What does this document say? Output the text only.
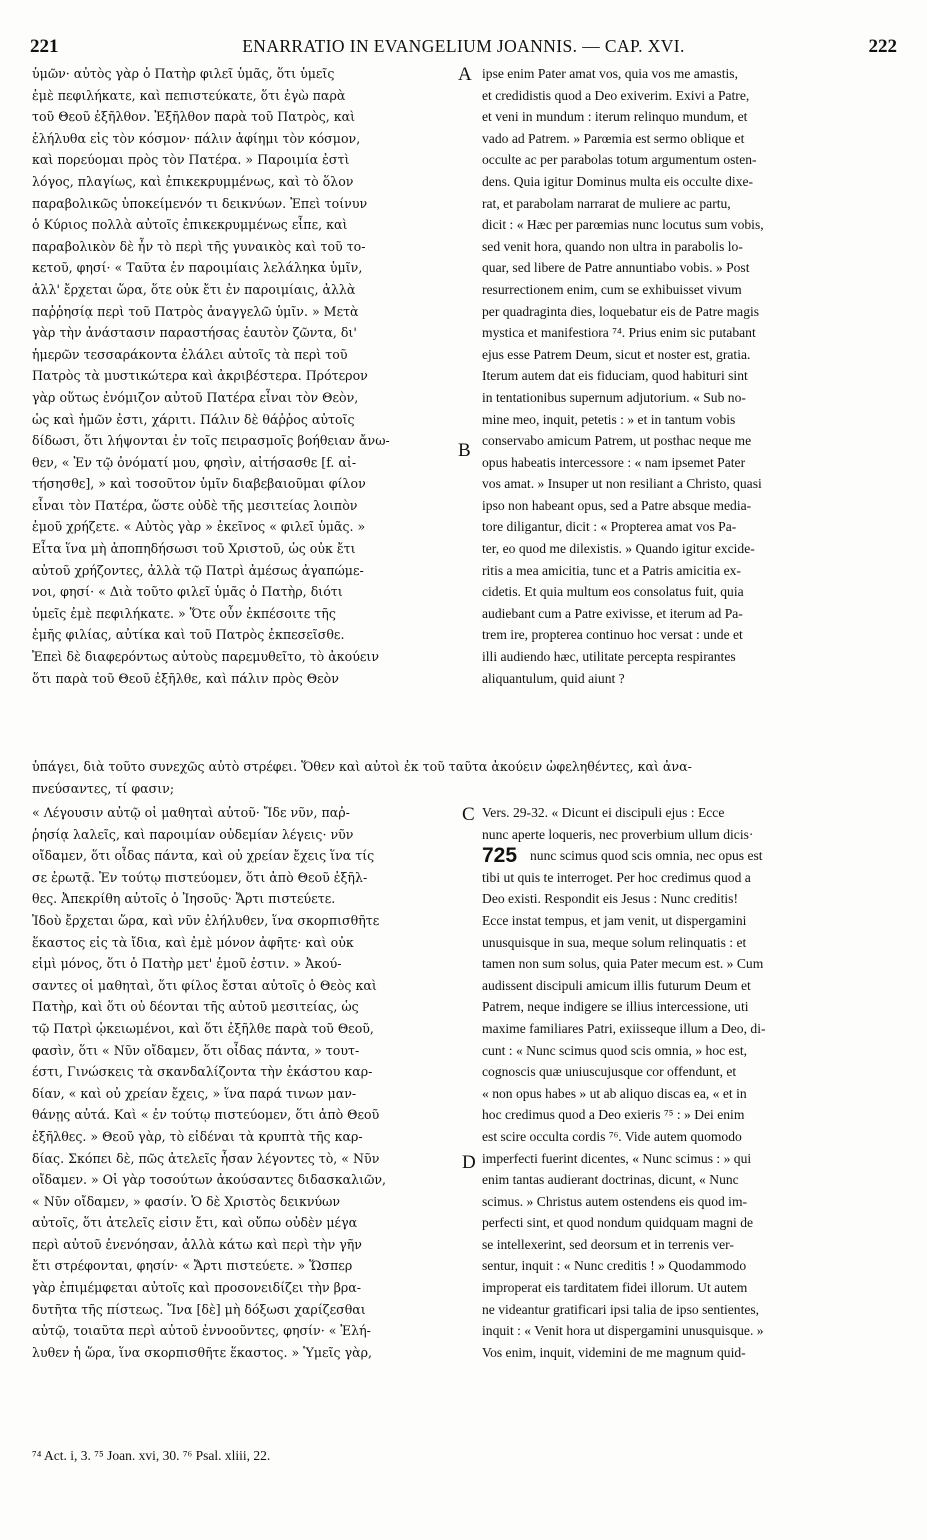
221	ENARRATIO IN EVANGELIUM JOANNIS. — CAP. XVI.	222
ὑμῶν· αὐτὸς γὰρ ὁ Πατὴρ φιλεῖ ὑμᾶς, ὅτι ὑμεῖς
ἐμὲ πεφιλήκατε, καὶ πεπιστεύκατε, ὅτι ἐγὼ παρὰ
τοῦ Θεοῦ ἐξῆλθον. Ἐξῆλθον παρὰ τοῦ Πατρὸς, καὶ
ἐλήλυθα εἰς τὸν κόσμον· πάλιν ἀφίημι τὸν κόσμον,
καὶ πορεύομαι πρὸς τὸν Πατέρα. » Παροιμία ἐστὶ
λόγος, πλαγίως, καὶ ἐπικεκρυμμένως, καὶ τὸ ὅλον
παραβολικῶς ὑποκείμενόν τι δεικνύων. Ἐπεὶ τοίνυν
ὁ Κύριος πολλὰ αὐτοῖς ἐπικεκρυμμένως εἶπε, καὶ
παραβολικὸν δὲ ἦν τὸ περὶ τῆς γυναικὸς καὶ τοῦ το-
κετοῦ, φησί· « Ταῦτα ἐν παροιμίαις λελάληκα ὑμῖν,
ἀλλ' ἔρχεται ὥρα, ὅτε οὐκ ἔτι ἐν παροιμίαις, ἀλλὰ
παῤῥησίᾳ περὶ τοῦ Πατρὸς ἀναγγελῶ ὑμῖν. » Μετὰ
γὰρ τὴν ἀνάστασιν παραστήσας ἑαυτὸν ζῶντα, δι'
ἡμερῶν τεσσαράκοντα ἐλάλει αὐτοῖς τὰ περὶ τοῦ
Πατρὸς τὰ μυστικώτερα καὶ ἀκριβέστερα. Πρότερον
γὰρ οὕτως ἐνόμιζον αὐτοῦ Πατέρα εἶναι τὸν Θεὸν,
ὡς καὶ ἡμῶν ἐστι, χάριτι. Πάλιν δὲ θάῤῥος αὐτοῖς
δίδωσι, ὅτι λήψονται ἐν τοῖς πειρασμοῖς βοήθειαν ἄνω-
θεν, « Ἐν τῷ ὀνόματί μου, φησὶν, αἰτήσασθε [f. αἰ-
τήσησθε], » καὶ τοσοῦτον ὑμῖν διαβεβαιοῦμαι φίλον
εἶναι τὸν Πατέρα, ὥστε οὐδὲ τῆς μεσιτείας λοιπὸν
ἐμοῦ χρήζετε. « Αὐτὸς γὰρ » ἐκεῖνος « φιλεῖ ὑμᾶς. »
Εἶτα ἵνα μὴ ἀποπηδήσωσι τοῦ Χριστοῦ, ὡς οὐκ ἔτι
αὐτοῦ χρήζοντες, ἀλλὰ τῷ Πατρὶ ἀμέσως ἀγαπώμε-
νοι, φησί· « Διὰ τοῦτο φιλεῖ ὑμᾶς ὁ Πατὴρ, διότι
ὑμεῖς ἐμὲ πεφιλήκατε. » Ὅτε οὖν ἐκπέσοιτε τῆς
ἐμῆς φιλίας, αὐτίκα καὶ τοῦ Πατρὸς ἐκπεσεῖσθε.
Ἐπεὶ δὲ διαφερόντως αὐτοὺς παρεμυθεῖτο, τὸ ἀκούειν
ὅτι παρὰ τοῦ Θεοῦ ἐξῆλθε, καὶ πάλιν πρὸς Θεὸν
ipse enim Pater amat vos, quia vos me amastis,
et credidistis quod a Deo exiverim. Exivi a Patre,
et veni in mundum : iterum relinquo mundum, et
vado ad Patrem. » Parœmia est sermo oblique et
occulte ac per parabolas totum argumentum osten-
dens. Quia igitur Dominus multa eis occulte dixe-
rat, et parabolam narrarat de muliere ac partu,
dicit : « Hæc per parœmias nunc locutus sum vobis,
sed venit hora, quando non ultra in parabolis lo-
quar, sed libere de Patre annuntiabo vobis. » Post
resurrectionem enim, cum se exhibuisset vivum
per quadraginta dies, loquebatur eis de Patre magis
mystica et manifestiora ⁷⁴. Prius enim sic putabant
ejus esse Patrem Deum, sicut et noster est, gratia.
Iterum autem dat eis fiduciam, quod habituri sint
in tentationibus supernum adjutorium. « Sub no-
mine meo, inquit, petetis : » et in tantum vobis
conservabo amicum Patrem, ut posthac neque me
opus habeatis intercessore : « nam ipsemet Pater
vos amat. » Insuper ut non resiliant a Christo, quasi
ipso non habeant opus, sed a Patre absque media-
tore diligantur, dicit : « Propterea amat vos Pa-
ter, eo quod me dilexistis. » Quando igitur excide-
ritis a mea amicitia, tunc et a Patris amicitia ex-
cidetis. Et quia multum eos consolatus fuit, quia
audiebant cum a Patre exivisse, et iterum ad Pa-
trem ire, propterea continuo hoc versat : unde et
illi audiendo hæc, utilitate percepta respirantes
aliquantulum, quid aiunt ?
A
B
ὑπάγει, διὰ τοῦτο συνεχῶς αὐτὸ στρέφει. Ὅθεν καὶ αὐτοὶ ἐκ τοῦ ταῦτα ἀκούειν ὠφεληθέντες, καὶ ἀνα-
πνεύσαντες, τί φασιν;
C
D
725
« Λέγουσιν αὐτῷ οἱ μαθηταὶ αὐτοῦ· Ἴδε νῦν, παῤ-
ῥησίᾳ λαλεῖς, καὶ παροιμίαν οὐδεμίαν λέγεις· νῦν
οἴδαμεν, ὅτι οἶδας πάντα, καὶ οὐ χρείαν ἔχεις ἵνα τίς
σε ἐρωτᾷ. Ἐν τούτῳ πιστεύομεν, ὅτι ἀπὸ Θεοῦ ἐξῆλ-
θες. Ἀπεκρίθη αὐτοῖς ὁ Ἰησοῦς· Ἄρτι πιστεύετε.
Ἰδοὺ ἔρχεται ὥρα, καὶ νῦν ἐλήλυθεν, ἵνα σκορπισθῆτε
ἕκαστος εἰς τὰ ἴδια, καὶ ἐμὲ μόνον ἀφῆτε· καὶ οὐκ
εἰμὶ μόνος, ὅτι ὁ Πατὴρ μετ' ἐμοῦ ἐστιν. » Ἀκού-
σαντες οἱ μαθηταὶ, ὅτι φίλος ἔσται αὐτοῖς ὁ Θεὸς καὶ
Πατὴρ, καὶ ὅτι οὐ δέονται τῆς αὐτοῦ μεσιτείας, ὡς
τῷ Πατρὶ ᾠκειωμένοι, καὶ ὅτι ἐξῆλθε παρὰ τοῦ Θεοῦ,
φασὶν, ὅτι « Νῦν οἴδαμεν, ὅτι οἶδας πάντα, » τουτ-
έστι, Γινώσκεις τὰ σκανδαλίζοντα τὴν ἑκάστου καρ-
δίαν, « καὶ οὐ χρείαν ἔχεις, » ἵνα παρά τινων μαν-
θάνῃς αὐτά. Καὶ « ἐν τούτῳ πιστεύομεν, ὅτι ἀπὸ Θεοῦ
ἐξῆλθες. » Θεοῦ γὰρ, τὸ εἰδέναι τὰ κρυπτὰ τῆς καρ-
δίας. Σκόπει δὲ, πῶς ἀτελεῖς ἦσαν λέγοντες τὸ, « Νῦν
οἴδαμεν. » Οἱ γὰρ τοσούτων ἀκούσαντες διδασκαλιῶν,
« Νῦν οἴδαμεν, » φασίν. Ὁ δὲ Χριστὸς δεικνύων
αὐτοῖς, ὅτι ἀτελεῖς εἰσιν ἔτι, καὶ οὔπω οὐδὲν μέγα
περὶ αὐτοῦ ἐνενόησαν, ἀλλὰ κάτω καὶ περὶ τὴν γῆν
ἔτι στρέφονται, φησίν· « Ἄρτι πιστεύετε. » Ὥσπερ
γὰρ ἐπιμέμφεται αὐτοῖς καὶ προσονειδίζει τὴν βρα-
δυτῆτα τῆς πίστεως. Ἵνα [δὲ] μὴ δόξωσι χαρίζεσθαι
αὐτῷ, τοιαῦτα περὶ αὐτοῦ ἐννοοῦντες, φησίν· « Ἐλή-
λυθεν ἡ ὥρα, ἵνα σκορπισθῆτε ἕκαστος. » Ὑμεῖς γὰρ,
Vers. 29-32. « Dicunt ei discipuli ejus : Ecce
nunc aperte loqueris, nec proverbium ullum dicis·
nunc scimus quod scis omnia, nec opus est
tibi ut quis te interroget. Per hoc credimus quod a
Deo existi. Respondit eis Jesus : Nunc creditis!
Ecce instat tempus, et jam venit, ut dispergamini
unusquisque in sua, meque solum relinquatis : et
tamen non sum solus, quia Pater mecum est. » Cum
audissent discipuli amicum illis futurum Deum et
Patrem, neque indigere se illius intercessione, uti
maxime familiares Patri, exiisseque illum a Deo, di-
cunt : « Nunc scimus quod scis omnia, » hoc est,
cognoscis quæ uniuscujusque cor offendunt, et
« non opus habes » ut ab aliquo discas ea, « et in
hoc credimus quod a Deo exieris ⁷⁵ : » Dei enim
est scire occulta cordis ⁷⁶. Vide autem quomodo
imperfecti fuerint dicentes, « Nunc scimus : » qui
enim tantas audierant doctrinas, dicunt, « Nunc
scimus. » Christus autem ostendens eis quod im-
perfecti sint, et quod nondum quidquam magni de
se intellexerint, sed deorsum et in terrenis ver-
sentur, inquit : « Nunc creditis ! » Quodammodo
improperat eis tarditatem fidei illorum. Ut autem
ne videantur gratificari ipsi talia de ipso sentientes,
inquit : « Venit hora ut dispergamini unusquisque. »
Vos enim, inquit, videmini de me magnum quid-
⁷⁴ Act. i, 3. ⁷⁵ Joan. xvi, 30. ⁷⁶ Psal. xliii, 22.
